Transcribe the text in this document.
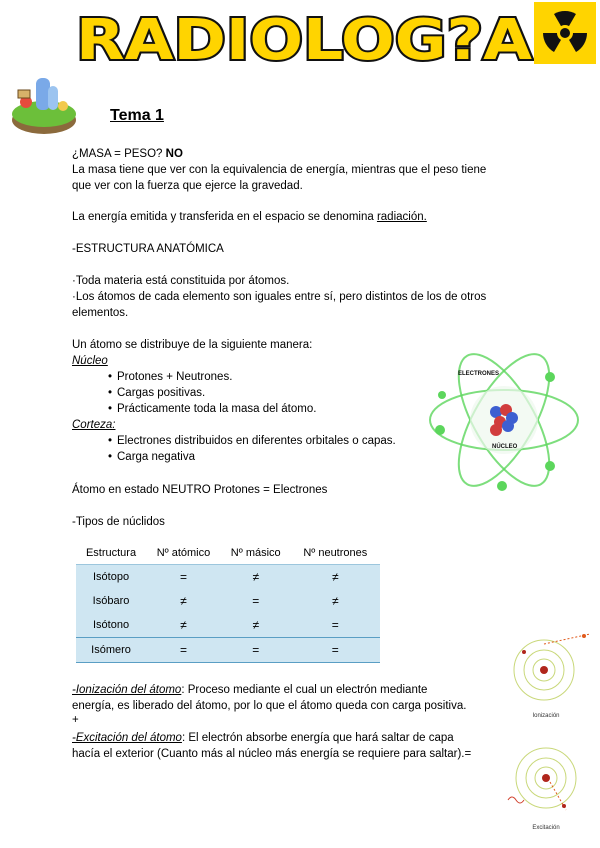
RADIOLOG?A
Tema 1
¿MASA = PESO? NO
La masa tiene que ver con la equivalencia de energía, mientras que el peso tiene
que ver con la fuerza que ejerce la gravedad.
La energía emitida y transferida en el espacio se denomina radiación.
-ESTRUCTURA ANATÓMICA
·Toda materia está constituida por átomos.
·Los átomos de cada elemento son iguales entre sí, pero distintos de los de otros
elementos.
Un átomo se distribuye de la siguiente manera:
Núcleo
• Protones + Neutrones.
• Cargas positivas.
• Prácticamente toda la masa del átomo.
Corteza:
• Electrones distribuidos en diferentes orbitales o capas.
• Carga negativa
Átomo en estado NEUTRO Protones = Electrones
-Tipos de núclidos
ELECTRONES
NÚCLEO
Estructura	Nº atómico	Nº másico	Nº neutrones
Isótopo	=	≠	≠
Isóbaro	≠	=	≠
Isótono	≠	≠	=
Isómero	=	=	=
-Ionización del átomo: Proceso mediante el cual un electrón mediante
energía, es liberado del átomo, por lo que el átomo queda con carga positiva.
+
-Excitación del átomo: El electrón absorbe energía que hará saltar de capa
hacía el exterior (Cuanto más al núcleo más energía se requiere para saltar).=
Ionización
Excitación
